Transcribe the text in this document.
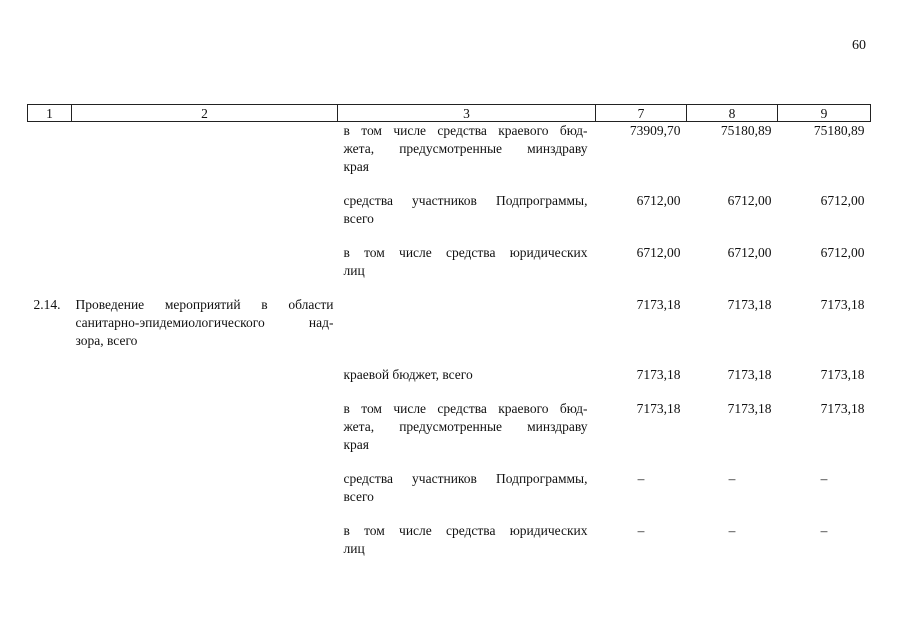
60
1	2	3	7	8	9

		в том числе средства краевого бюд-
жета, предусмотренные минздраву
края	73909,70	75180,89	75180,89

		средства участников Подпрограммы,
всего	6712,00	6712,00	6712,00

		в том числе средства юридических
лиц	6712,00	6712,00	6712,00
2.14.	Проведение мероприятий в области
санитарно-эпидемиологического над-
зора, всего		7173,18	7173,18	7173,18

		краевой бюджет, всего	7173,18	7173,18	7173,18

		в том числе средства краевого бюд-
жета, предусмотренные минздраву
края	7173,18	7173,18	7173,18

		средства участников Подпрограммы,
всего	–	–	–

		в том числе средства юридических
лиц	–	–	–
